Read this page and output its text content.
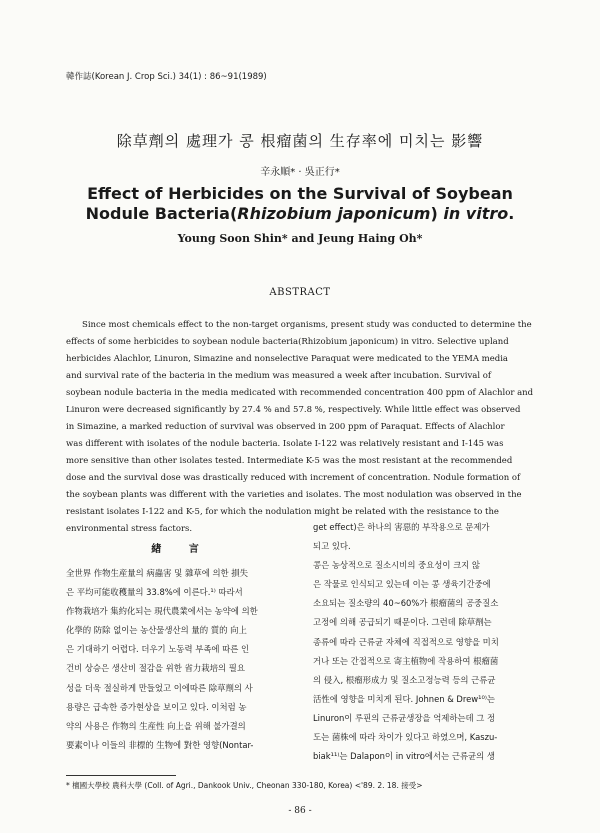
韓作誌(Korean J. Crop Sci.) 34(1) : 86~91(1989)
除草劑의 處理가 콩 根瘤菌의 生存率에 미치는 影響
辛永順* · 吳正行*
Effect of Herbicides on the Survival of Soybean
Nodule Bacteria(Rhizobium japonicum) in vitro.
Young Soon Shin* and Jeung Haing Oh*
ABSTRACT
Since most chemicals effect to the non-target organisms, present study was conducted to determine the
effects of some herbicides to soybean nodule bacteria(Rhizobium japonicum) in vitro. Selective upland
herbicides Alachlor, Linuron, Simazine and nonselective Paraquat were medicated to the YEMA media
and survival rate of the bacteria in the medium was measured a week after incubation. Survival of
soybean nodule bacteria in the media medicated with recommended concentration 400 ppm of Alachlor and
Linuron were decreased significantly by 27.4 % and 57.8 %, respectively. While little effect was observed
in Simazine, a marked reduction of survival was observed in 200 ppm of Paraquat. Effects of Alachlor
was different with isolates of the nodule bacteria. Isolate I-122 was relatively resistant and I-145 was
more sensitive than other isolates tested. Intermediate K-5 was the most resistant at the recommended
dose and the survival dose was drastically reduced with increment of concentration. Nodule formation of
the soybean plants was different with the varieties and isolates. The most nodulation was observed in the
resistant isolates I-122 and K-5, for which the nodulation might be related with the resistance to the
environmental stress factors.
緖 言
全世界 作物生産量의 病蟲害 및 雜草에 의한 損失
은 平均可能收穫量의 33.8%에 이른다.¹⁾ 따라서
作物栽培가 集約化되는 現代農業에서는 농약에 의한
化學的 防除 없이는 농산물생산의 量的 質的 向上
은 기대하기 어렵다. 더우기 노동력 부족에 따른 인
건비 상승은 생산비 절감을 위한 省力栽培의 필요
성을 더욱 절실하게 만들었고 이에따른 除草劑의 사
용량은 급속한 증가현상을 보이고 있다. 이처럼 농
약의 사용은 作物의 生産性 向上을 위해 불가결의
要素이나 이들의 非標的 生物에 對한 영향(Nontar-
get effect)은 하나의 害惡的 부작용으로 문제가
되고 있다.
콩은 농상적으로 질소시비의 중요성이 크지 않
은 작물로 인식되고 있는데 이는 콩 생육기간중에
소요되는 질소량의 40~60%가 根瘤菌의 공중질소
고정에 의해 공급되기 때문이다. 그런데 除草劑는
종류에 따라 근류균 자체에 직접적으로 영향을 미치
거나 또는 간접적으로 寄主植物에 작용하여 根瘤菌
의 侵入, 根瘤形成力 및 질소고정능력 등의 근류균
活性에 영향을 미치게 된다. Johnen & Drew¹⁰⁾는
Linuron이 루핀의 근류균생장을 억제하는데 그 정
도는 菌株에 따라 차이가 있다고 하였으며, Kaszu-
biak¹¹⁾는 Dalapon이 in vitro에서는 근류균의 생
* 檀國大學校 農科大學 (Coll. of Agri., Dankook Univ., Cheonan 330-180, Korea) <'89. 2. 18. 接受>
- 86 -
